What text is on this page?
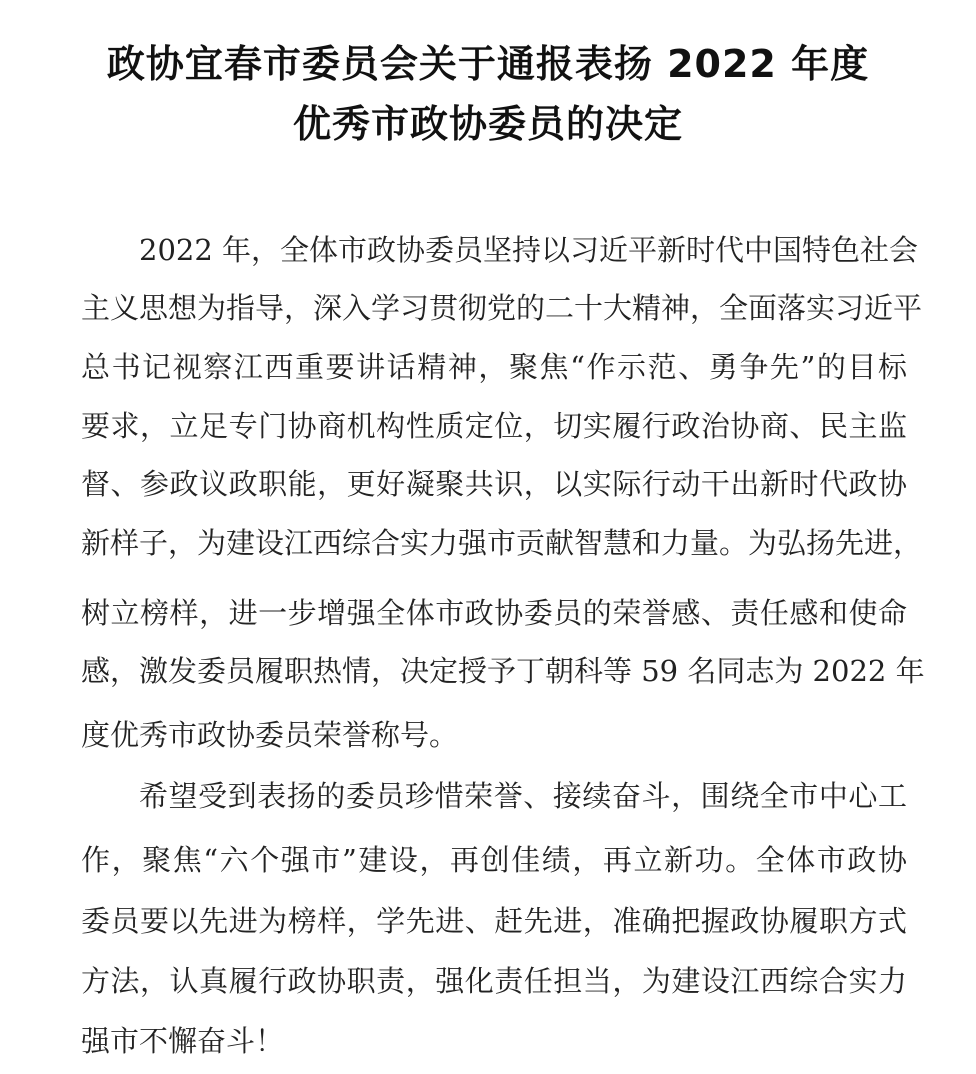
政协宜春市委员会关于通报表扬 2022 年度
优秀市政协委员的决定
2022 年，全体市政协委员坚持以习近平新时代中国特色社会
主义思想为指导，深入学习贯彻党的二十大精神，全面落实习近平
总书记视察江西重要讲话精神，聚焦“作示范、勇争先”的目标
要求，立足专门协商机构性质定位，切实履行政治协商、民主监
督、参政议政职能，更好凝聚共识，以实际行动干出新时代政协
新样子，为建设江西综合实力强市贡献智慧和力量。为弘扬先进，
树立榜样，进一步增强全体市政协委员的荣誉感、责任感和使命
感，激发委员履职热情，决定授予丁朝科等 59 名同志为 2022 年
度优秀市政协委员荣誉称号。
希望受到表扬的委员珍惜荣誉、接续奋斗，围绕全市中心工
作，聚焦“六个强市”建设，再创佳绩，再立新功。全体市政协
委员要以先进为榜样，学先进、赶先进，准确把握政协履职方式
方法，认真履行政协职责，强化责任担当，为建设江西综合实力
强市不懈奋斗！
